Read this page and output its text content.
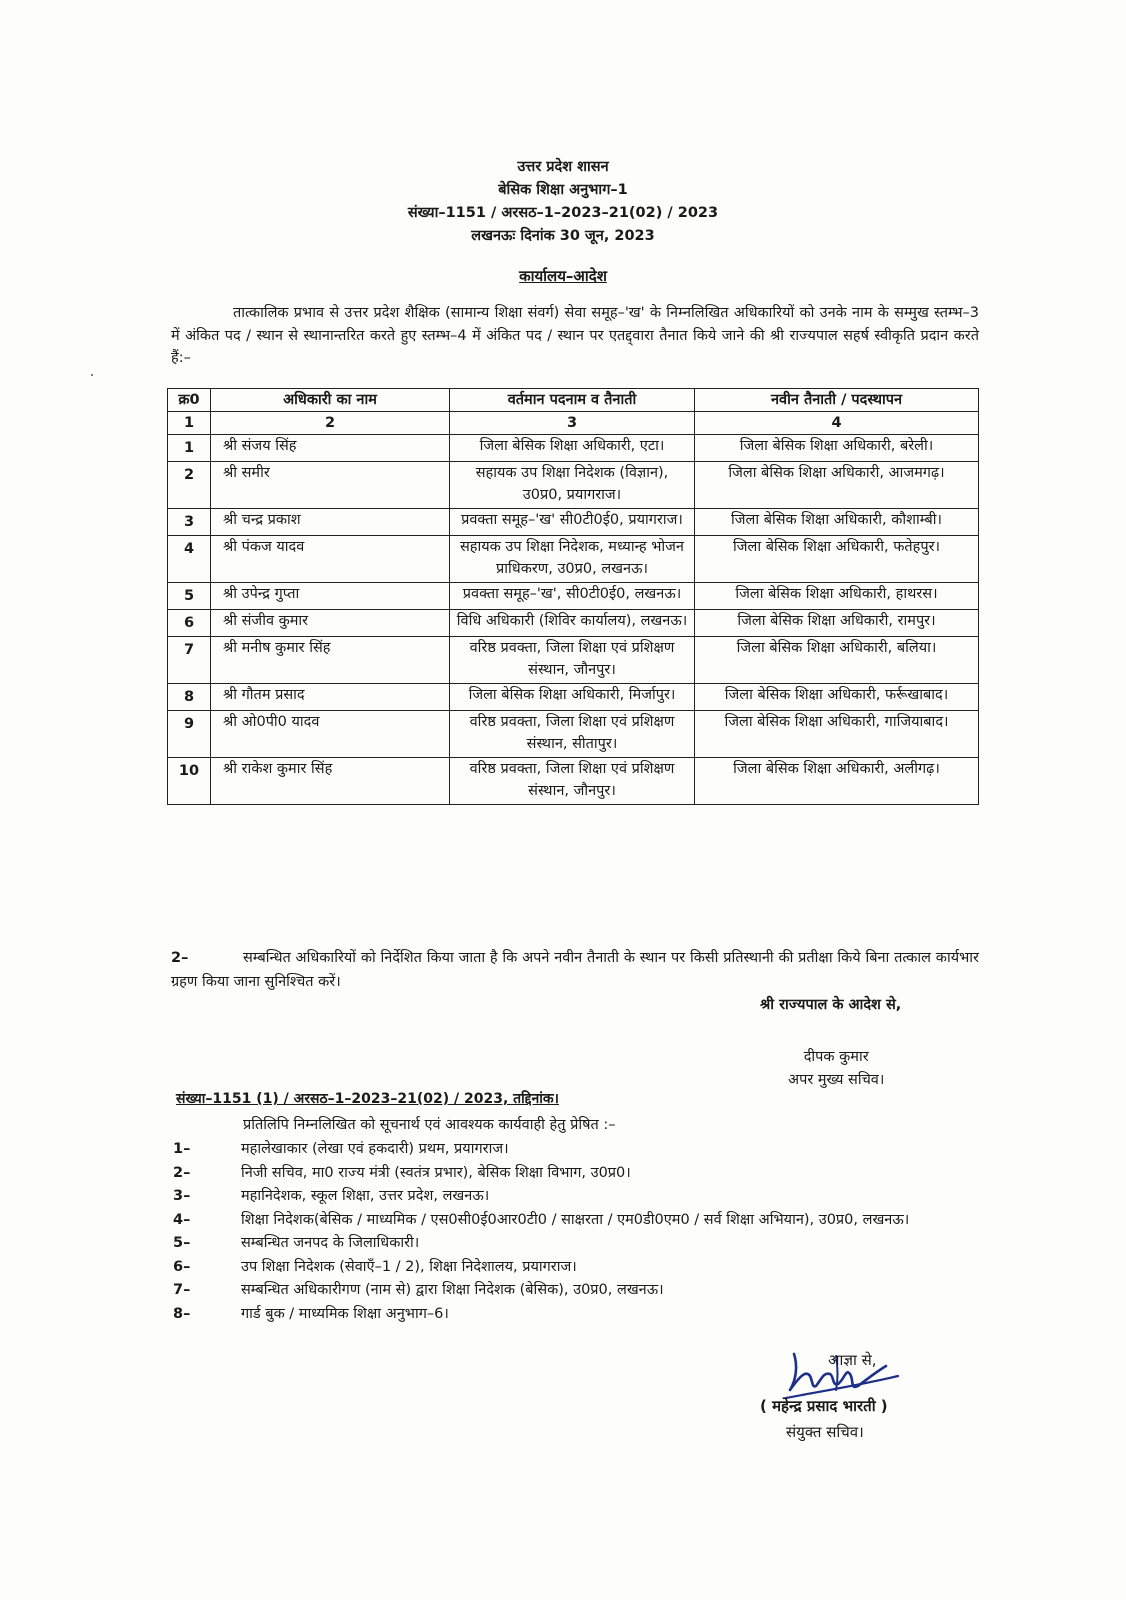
उत्तर प्रदेश शासन
बेसिक शिक्षा अनुभाग–1
संख्या–1151 / अरसठ–1–2023–21(02) / 2023
लखनऊः दिनांक 30 जून, 2023
कार्यालय–आदेश
तात्कालिक प्रभाव से उत्तर प्रदेश शैक्षिक (सामान्य शिक्षा संवर्ग) सेवा समूह–'ख' के निम्नलिखित अधिकारियों को उनके नाम के सम्मुख स्तम्भ–3 में अंकित पद / स्थान से स्थानान्तरित करते हुए स्तम्भ–4 में अंकित पद / स्थान पर एतद्द्वारा तैनात किये जाने की श्री राज्यपाल सहर्ष स्वीकृति प्रदान करते हैं:–
क्र0	अधिकारी का नाम	वर्तमान पदनाम व तैनाती	नवीन तैनाती / पदस्थापन
1	2	3	4
1	श्री संजय सिंह	जिला बेसिक शिक्षा अधिकारी, एटा।	जिला बेसिक शिक्षा अधिकारी, बरेली।
2	श्री समीर	सहायक उप शिक्षा निदेशक (विज्ञान), उ0प्र0, प्रयागराज।	जिला बेसिक शिक्षा अधिकारी, आजमगढ़।
3	श्री चन्द्र प्रकाश	प्रवक्ता समूह–'ख' सी0टी0ई0, प्रयागराज।	जिला बेसिक शिक्षा अधिकारी, कौशाम्बी।
4	श्री पंकज यादव	सहायक उप शिक्षा निदेशक, मध्यान्ह भोजन प्राधिकरण, उ0प्र0, लखनऊ।	जिला बेसिक शिक्षा अधिकारी, फतेहपुर।
5	श्री उपेन्द्र गुप्ता	प्रवक्ता समूह–'ख', सी0टी0ई0, लखनऊ।	जिला बेसिक शिक्षा अधिकारी, हाथरस।
6	श्री संजीव कुमार	विधि अधिकारी (शिविर कार्यालय), लखनऊ।	जिला बेसिक शिक्षा अधिकारी, रामपुर।
7	श्री मनीष कुमार सिंह	वरिष्ठ प्रवक्ता, जिला शिक्षा एवं प्रशिक्षण संस्थान, जौनपुर।	जिला बेसिक शिक्षा अधिकारी, बलिया।
8	श्री गौतम प्रसाद	जिला बेसिक शिक्षा अधिकारी, मिर्जापुर।	जिला बेसिक शिक्षा अधिकारी, फर्रूखाबाद।
9	श्री ओ0पी0 यादव	वरिष्ठ प्रवक्ता, जिला शिक्षा एवं प्रशिक्षण संस्थान, सीतापुर।	जिला बेसिक शिक्षा अधिकारी, गाजियाबाद।
10	श्री राकेश कुमार सिंह	वरिष्ठ प्रवक्ता, जिला शिक्षा एवं प्रशिक्षण संस्थान, जौनपुर।	जिला बेसिक शिक्षा अधिकारी, अलीगढ़।
2–	सम्बन्धित अधिकारियों को निर्देशित किया जाता है कि अपने नवीन तैनाती के स्थान पर किसी प्रतिस्थानी की प्रतीक्षा किये बिना तत्काल कार्यभार ग्रहण किया जाना सुनिश्चित करें।
श्री राज्यपाल के आदेश से,
दीपक कुमार
अपर मुख्य सचिव।
संख्या–1151 (1) / अरसठ–1–2023–21(02) / 2023, तद्दिनांक।
प्रतिलिपि निम्नलिखित को सूचनार्थ एवं आवश्यक कार्यवाही हेतु प्रेषित :–
1–	महालेखाकार (लेखा एवं हकदारी) प्रथम, प्रयागराज।
2–	निजी सचिव, मा0 राज्य मंत्री (स्वतंत्र प्रभार), बेसिक शिक्षा विभाग, उ0प्र0।
3–	महानिदेशक, स्कूल शिक्षा, उत्तर प्रदेश, लखनऊ।
4–	शिक्षा निदेशक(बेसिक / माध्यमिक / एस0सी0ई0आर0टी0 / साक्षरता / एम0डी0एम0 / सर्व शिक्षा अभियान), उ0प्र0, लखनऊ।
5–	सम्बन्धित जनपद के जिलाधिकारी।
6–	उप शिक्षा निदेशक (सेवाएँ–1 / 2), शिक्षा निदेशालय, प्रयागराज।
7–	सम्बन्धित अधिकारीगण (नाम से) द्वारा शिक्षा निदेशक (बेसिक), उ0प्र0, लखनऊ।
8–	गार्ड बुक / माध्यमिक शिक्षा अनुभाग–6।
आज्ञा से,
( महेन्द्र प्रसाद भारती )
संयुक्त सचिव।
